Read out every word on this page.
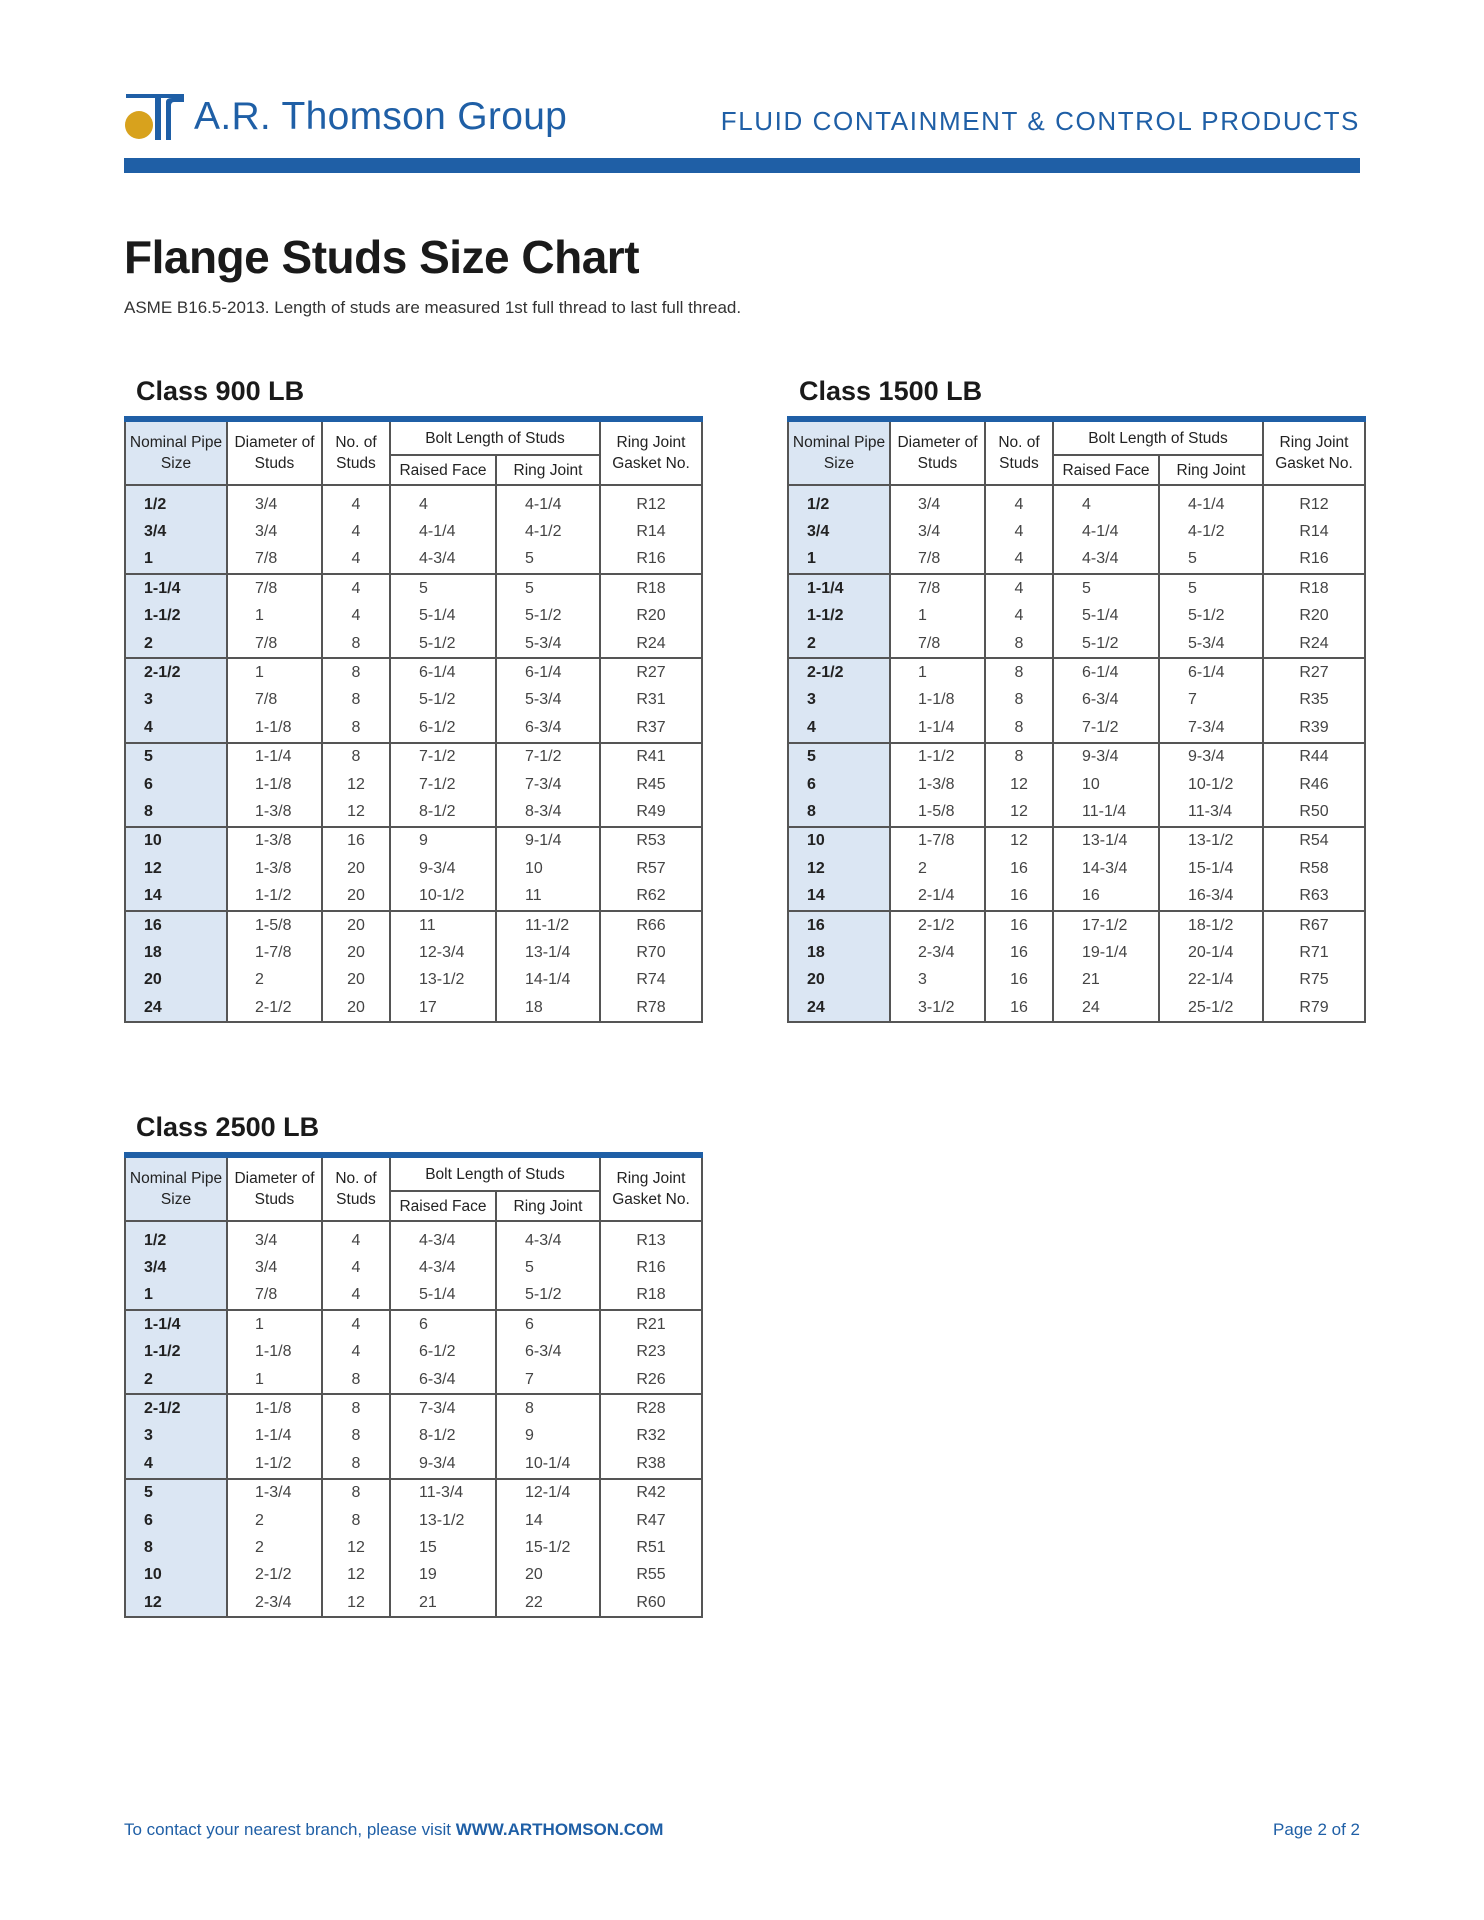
A.R. Thomson Group	FLUID CONTAINMENT & CONTROL PRODUCTS
Flange Studs Size Chart
ASME B16.5-2013. Length of studs are measured 1st full thread to last full thread.
Class 900 LB
Nominal Pipe Size	Diameter of Studs	No. of Studs	Bolt Length of Studs		Ring Joint Gasket No.
			Raised Face	Ring Joint	
1/2	3/4	4	4	4-1/4	R12
3/4	3/4	4	4-1/4	4-1/2	R14
1	7/8	4	4-3/4	5	R16
1-1/4	7/8	4	5	5	R18
1-1/2	1	4	5-1/4	5-1/2	R20
2	7/8	8	5-1/2	5-3/4	R24
2-1/2	1	8	6-1/4	6-1/4	R27
3	7/8	8	5-1/2	5-3/4	R31
4	1-1/8	8	6-1/2	6-3/4	R37
5	1-1/4	8	7-1/2	7-1/2	R41
6	1-1/8	12	7-1/2	7-3/4	R45
8	1-3/8	12	8-1/2	8-3/4	R49
10	1-3/8	16	9	9-1/4	R53
12	1-3/8	20	9-3/4	10	R57
14	1-1/2	20	10-1/2	11	R62
16	1-5/8	20	11	11-1/2	R66
18	1-7/8	20	12-3/4	13-1/4	R70
20	2	20	13-1/2	14-1/4	R74
24	2-1/2	20	17	18	R78
Class 1500 LB
Nominal Pipe Size	Diameter of Studs	No. of Studs	Bolt Length of Studs		Ring Joint Gasket No.
			Raised Face	Ring Joint	
1/2	3/4	4	4	4-1/4	R12
3/4	3/4	4	4-1/4	4-1/2	R14
1	7/8	4	4-3/4	5	R16
1-1/4	7/8	4	5	5	R18
1-1/2	1	4	5-1/4	5-1/2	R20
2	7/8	8	5-1/2	5-3/4	R24
2-1/2	1	8	6-1/4	6-1/4	R27
3	1-1/8	8	6-3/4	7	R35
4	1-1/4	8	7-1/2	7-3/4	R39
5	1-1/2	8	9-3/4	9-3/4	R44
6	1-3/8	12	10	10-1/2	R46
8	1-5/8	12	11-1/4	11-3/4	R50
10	1-7/8	12	13-1/4	13-1/2	R54
12	2	16	14-3/4	15-1/4	R58
14	2-1/4	16	16	16-3/4	R63
16	2-1/2	16	17-1/2	18-1/2	R67
18	2-3/4	16	19-1/4	20-1/4	R71
20	3	16	21	22-1/4	R75
24	3-1/2	16	24	25-1/2	R79
Class 2500 LB
Nominal Pipe Size	Diameter of Studs	No. of Studs	Bolt Length of Studs		Ring Joint Gasket No.
			Raised Face	Ring Joint	
1/2	3/4	4	4-3/4	4-3/4	R13
3/4	3/4	4	4-3/4	5	R16
1	7/8	4	5-1/4	5-1/2	R18
1-1/4	1	4	6	6	R21
1-1/2	1-1/8	4	6-1/2	6-3/4	R23
2	1	8	6-3/4	7	R26
2-1/2	1-1/8	8	7-3/4	8	R28
3	1-1/4	8	8-1/2	9	R32
4	1-1/2	8	9-3/4	10-1/4	R38
5	1-3/4	8	11-3/4	12-1/4	R42
6	2	8	13-1/2	14	R47
8	2	12	15	15-1/2	R51
10	2-1/2	12	19	20	R55
12	2-3/4	12	21	22	R60
To contact your nearest branch, please visit WWW.ARTHOMSON.COM	Page 2 of 2
